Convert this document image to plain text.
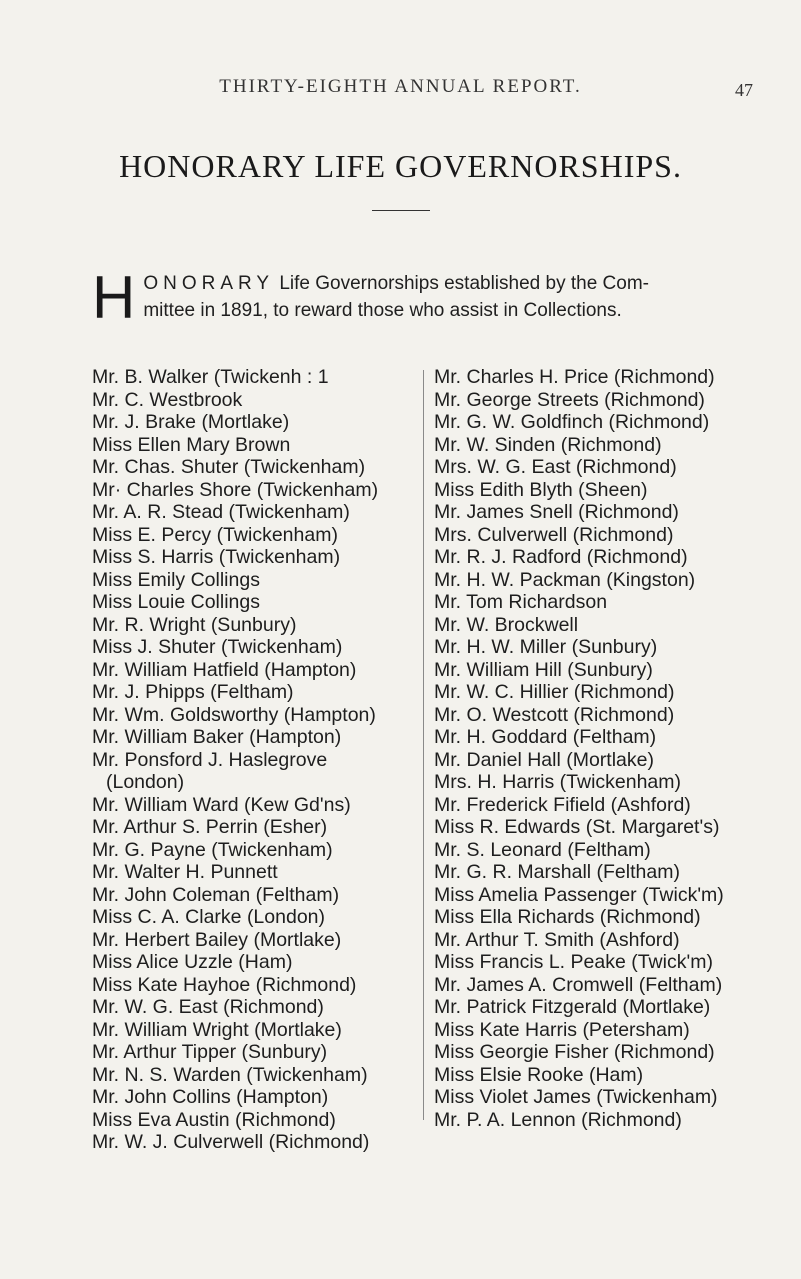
THIRTY-EIGHTH ANNUAL REPORT.	47
HONORARY LIFE GOVERNORSHIPS.
H ONORARY Life Governorships established by the Com-
mittee in 1891, to reward those who assist in Collections.
Mr. B. Walker (Twickenh : 1
Mr. C. Westbrook
Mr. J. Brake (Mortlake)
Miss Ellen Mary Brown
Mr. Chas. Shuter (Twickenham)
Mr· Charles Shore (Twickenham)
Mr. A. R. Stead (Twickenham)
Miss E. Percy (Twickenham)
Miss S. Harris (Twickenham)
Miss Emily Collings
Miss Louie Collings
Mr. R. Wright (Sunbury)
Miss J. Shuter (Twickenham)
Mr. William Hatfield (Hampton)
Mr. J. Phipps (Feltham)
Mr. Wm. Goldsworthy (Hampton)
Mr. William Baker (Hampton)
Mr. Ponsford J. Haslegrove
(London)
Mr. William Ward (Kew Gd'ns)
Mr. Arthur S. Perrin (Esher)
Mr. G. Payne (Twickenham)
Mr. Walter H. Punnett
Mr. John Coleman (Feltham)
Miss C. A. Clarke (London)
Mr. Herbert Bailey (Mortlake)
Miss Alice Uzzle (Ham)
Miss Kate Hayhoe (Richmond)
Mr. W. G. East (Richmond)
Mr. William Wright (Mortlake)
Mr. Arthur Tipper (Sunbury)
Mr. N. S. Warden (Twickenham)
Mr. John Collins (Hampton)
Miss Eva Austin (Richmond)
Mr. W. J. Culverwell (Richmond)
Mr. Charles H. Price (Richmond)
Mr. George Streets (Richmond)
Mr. G. W. Goldfinch (Richmond)
Mr. W. Sinden (Richmond)
Mrs. W. G. East (Richmond)
Miss Edith Blyth (Sheen)
Mr. James Snell (Richmond)
Mrs. Culverwell (Richmond)
Mr. R. J. Radford (Richmond)
Mr. H. W. Packman (Kingston)
Mr. Tom Richardson
Mr. W. Brockwell
Mr. H. W. Miller (Sunbury)
Mr. William Hill (Sunbury)
Mr. W. C. Hillier (Richmond)
Mr. O. Westcott (Richmond)
Mr. H. Goddard (Feltham)
Mr. Daniel Hall (Mortlake)
Mrs. H. Harris (Twickenham)
Mr. Frederick Fifield (Ashford)
Miss R. Edwards (St. Margaret's)
Mr. S. Leonard (Feltham)
Mr. G. R. Marshall (Feltham)
Miss Amelia Passenger (Twick'm)
Miss Ella Richards (Richmond)
Mr. Arthur T. Smith (Ashford)
Miss Francis L. Peake (Twick'm)
Mr. James A. Cromwell (Feltham)
Mr. Patrick Fitzgerald (Mortlake)
Miss Kate Harris (Petersham)
Miss Georgie Fisher (Richmond)
Miss Elsie Rooke (Ham)
Miss Violet James (Twickenham)
Mr. P. A. Lennon (Richmond)
